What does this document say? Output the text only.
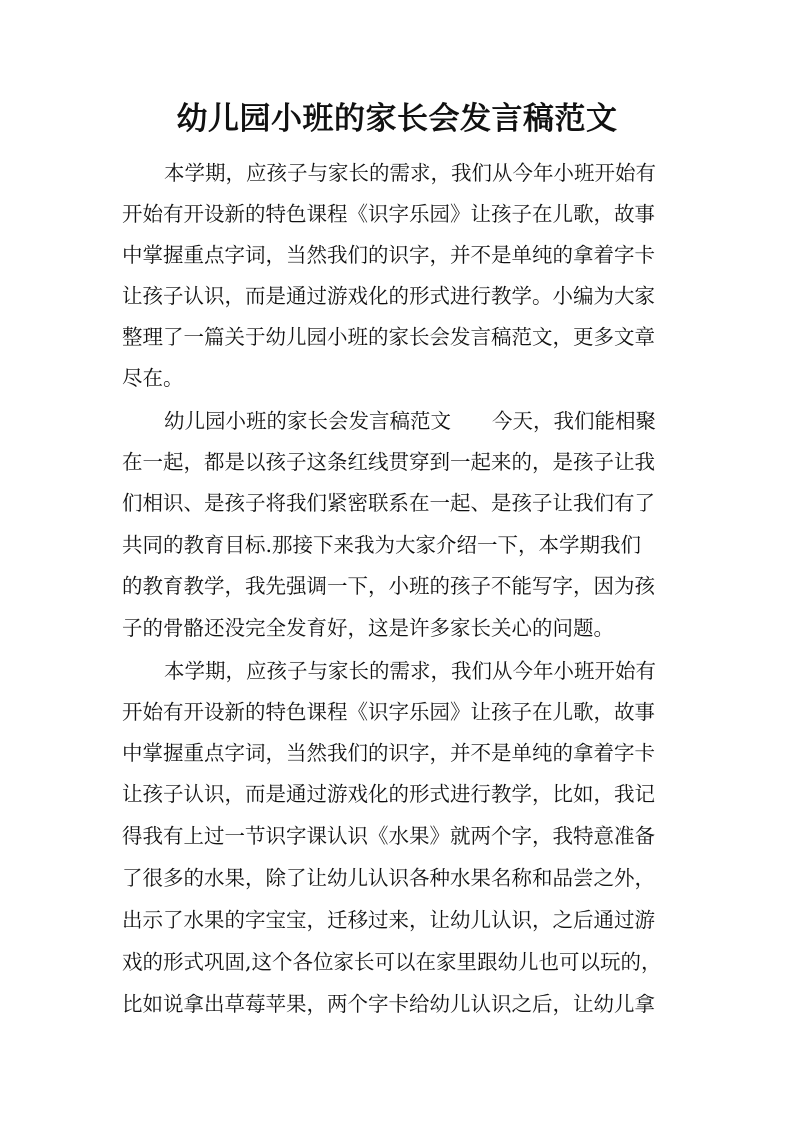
幼儿园小班的家长会发言稿范文

本学期，应孩子与家长的需求，我们从今年小班开始有

开始有开设新的特色课程《识字乐园》让孩子在儿歌，故事

中掌握重点字词，当然我们的识字，并不是单纯的拿着字卡

让孩子认识，而是通过游戏化的形式进行教学。小编为大家

整理了一篇关于幼儿园小班的家长会发言稿范文，更多文章

尽在。

幼儿园小班的家长会发言稿范文　　今天，我们能相聚

在一起，都是以孩子这条红线贯穿到一起来的，是孩子让我

们相识、是孩子将我们紧密联系在一起、是孩子让我们有了

共同的教育目标.那接下来我为大家介绍一下，本学期我们

的教育教学，我先强调一下，小班的孩子不能写字，因为孩

子的骨骼还没完全发育好，这是许多家长关心的问题。

本学期，应孩子与家长的需求，我们从今年小班开始有

开始有开设新的特色课程《识字乐园》让孩子在儿歌，故事

中掌握重点字词，当然我们的识字，并不是单纯的拿着字卡

让孩子认识，而是通过游戏化的形式进行教学，比如，我记

得我有上过一节识字课认识《水果》就两个字，我特意准备

了很多的水果，除了让幼儿认识各种水果名称和品尝之外，

出示了水果的字宝宝，迁移过来，让幼儿认识，之后通过游

戏的形式巩固,这个各位家长可以在家里跟幼儿也可以玩的，

比如说拿出草莓苹果，两个字卡给幼儿认识之后，让幼儿拿
